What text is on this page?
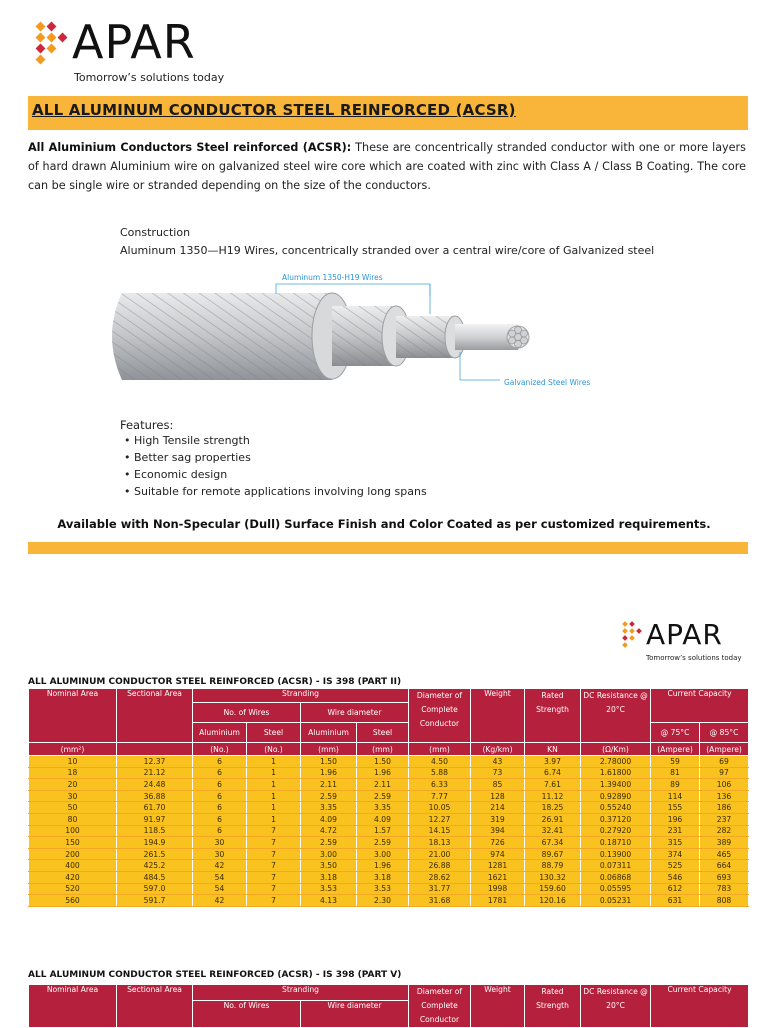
APAR
Tomorrow’s solutions today
ALL ALUMINUM CONDUCTOR STEEL REINFORCED (ACSR)
All Aluminium Conductors Steel reinforced (ACSR): These are concentrically stranded conductor with one or more layers of hard drawn Aluminium wire on galvanized steel wire core which are coated with zinc with Class A / Class B Coating. The core can be single wire or stranded depending on the size of the conductors.
Construction
Aluminum 1350—H19 Wires, concentrically stranded over a central wire/core of Galvanized steel
Aluminum 1350-H19 Wires
Galvanized Steel Wires
Features:
• High Tensile strength
• Better sag properties
• Economic design
• Suitable for remote applications involving long spans
Available with Non-Specular (Dull) Surface Finish and Color Coated as per customized requirements.
APAR
Tomorrow’s solutions today
ALL ALUMINUM CONDUCTOR STEEL REINFORCED (ACSR) - IS 398 (PART II)
Nominal Area	Sectional Area	Stranding				Diameter of Complete Conductor	Weight	Rated Strength	DC Resistance @ 20°C	Current Capacity	
		No. of Wires		Wire diameter							
		Aluminium	Steel	Aluminium	Steel					@ 75°C	@ 85°C
(mm²)		(No.)	(No.)	(mm)	(mm)	(mm)	(Kg/km)	KN	(Ω/Km)	(Ampere)	(Ampere)
10	12.37	6	1	1.50	1.50	4.50	43	3.97	2.78000	59	69
18	21.12	6	1	1.96	1.96	5.88	73	6.74	1.61800	81	97
20	24.48	6	1	2.11	2.11	6.33	85	7.61	1.39400	89	106
30	36.88	6	1	2.59	2.59	7.77	128	11.12	0.92890	114	136
50	61.70	6	1	3.35	3.35	10.05	214	18.25	0.55240	155	186
80	91.97	6	1	4.09	4.09	12.27	319	26.91	0.37120	196	237
100	118.5	6	7	4.72	1.57	14.15	394	32.41	0.27920	231	282
150	194.9	30	7	2.59	2.59	18.13	726	67.34	0.18710	315	389
200	261.5	30	7	3.00	3.00	21.00	974	89.67	0.13900	374	465
400	425.2	42	7	3.50	1.96	26.88	1281	88.79	0.07311	525	664
420	484.5	54	7	3.18	3.18	28.62	1621	130.32	0.06868	546	693
520	597.0	54	7	3.53	3.53	31.77	1998	159.60	0.05595	612	783
560	591.7	42	7	4.13	2.30	31.68	1781	120.16	0.05231	631	808
ALL ALUMINUM CONDUCTOR STEEL REINFORCED (ACSR) - IS 398 (PART V)
Nominal Area	Sectional Area	Stranding		Diameter of Complete Conductor	Weight	Rated Strength	DC Resistance @ 20°C	Current Capacity
		No. of Wires	Wire diameter					
